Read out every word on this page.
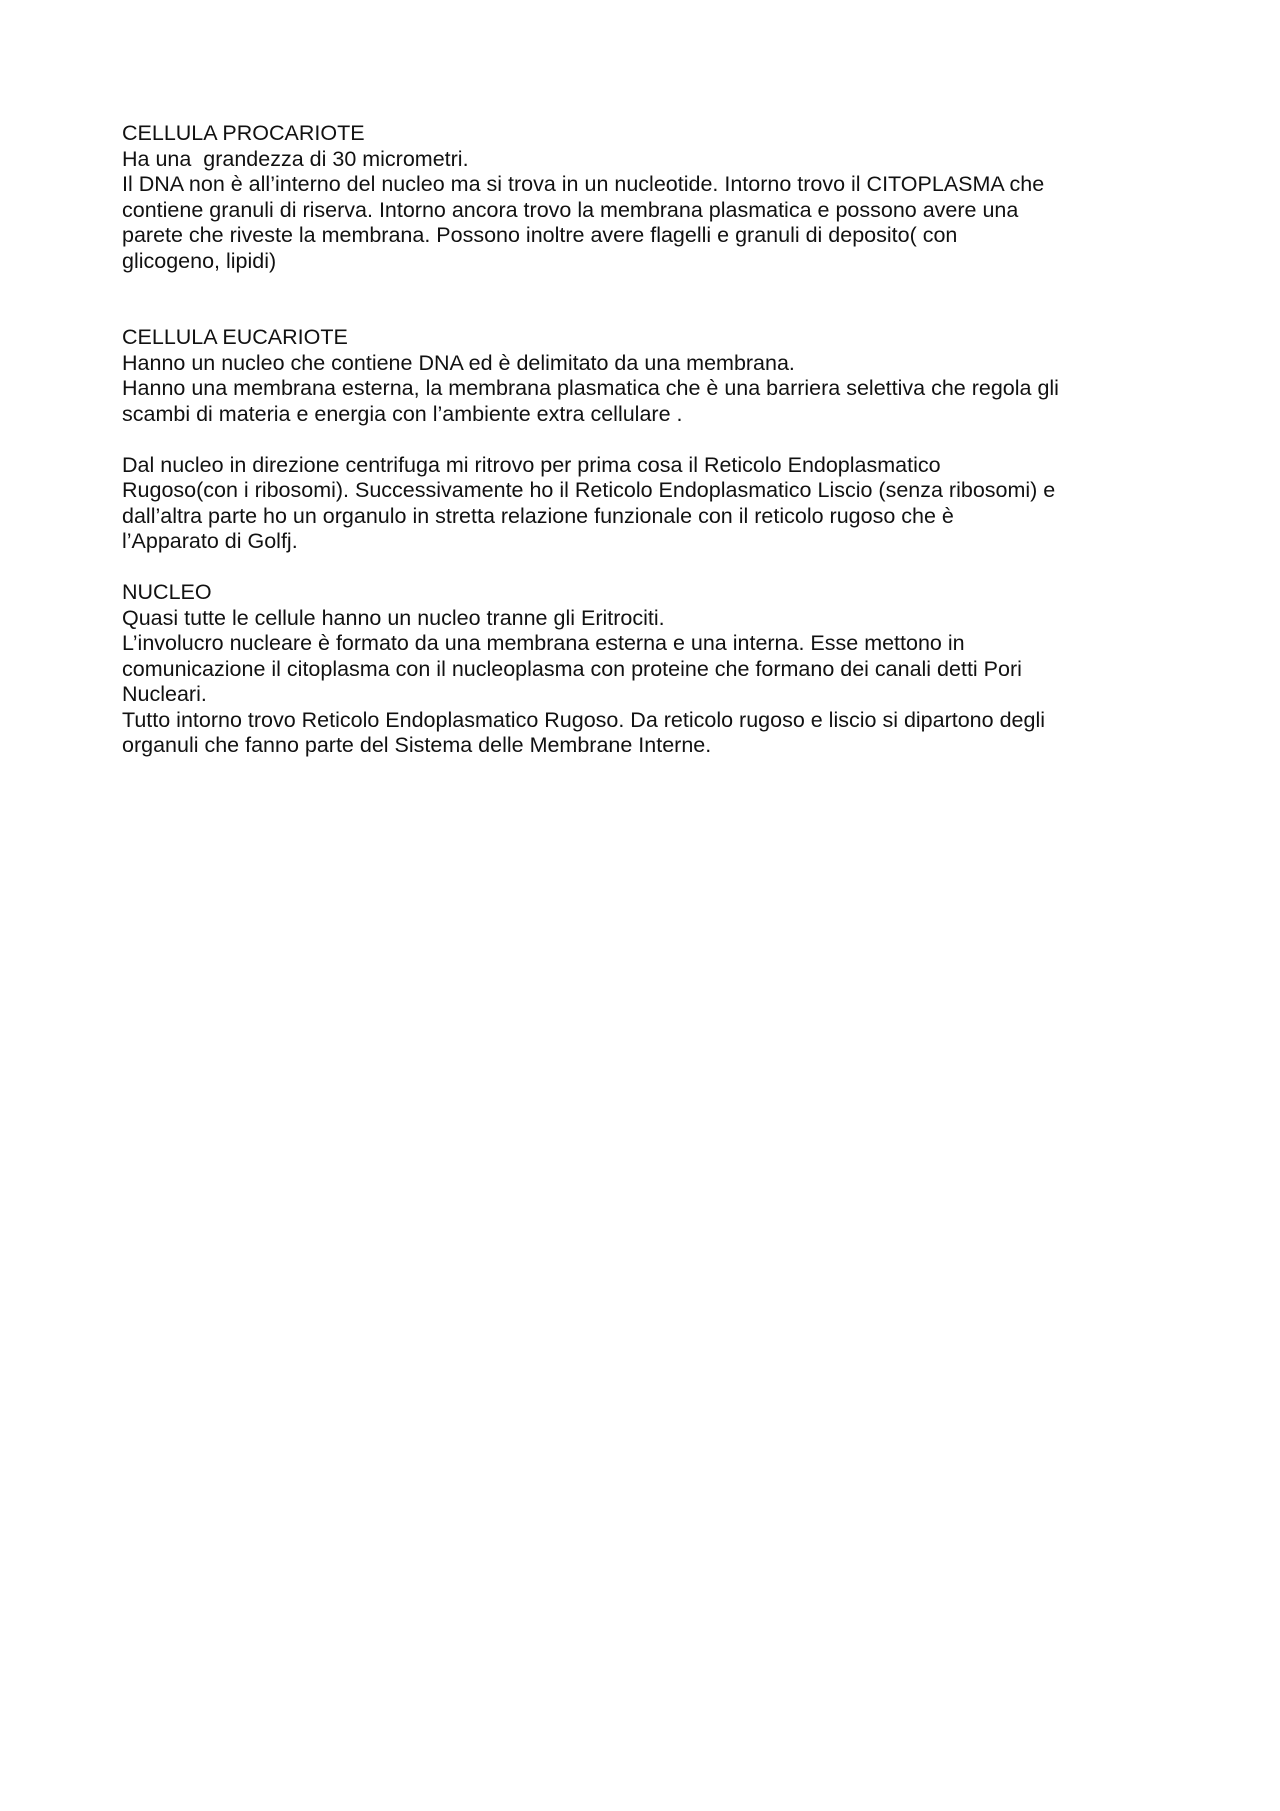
CELLULA PROCARIOTE
Ha una  grandezza di 30 micrometri.
Il DNA non è all’interno del nucleo ma si trova in un nucleotide. Intorno trovo il CITOPLASMA che
contiene granuli di riserva. Intorno ancora trovo la membrana plasmatica e possono avere una
parete che riveste la membrana. Possono inoltre avere flagelli e granuli di deposito( con
glicogeno, lipidi)
CELLULA EUCARIOTE
Hanno un nucleo che contiene DNA ed è delimitato da una membrana.
Hanno una membrana esterna, la membrana plasmatica che è una barriera selettiva che regola gli
scambi di materia e energia con l’ambiente extra cellulare .
Dal nucleo in direzione centrifuga mi ritrovo per prima cosa il Reticolo Endoplasmatico
Rugoso(con i ribosomi). Successivamente ho il Reticolo Endoplasmatico Liscio (senza ribosomi) e
dall’altra parte ho un organulo in stretta relazione funzionale con il reticolo rugoso che è
l’Apparato di Golfj.
NUCLEO
Quasi tutte le cellule hanno un nucleo tranne gli Eritrociti.
L’involucro nucleare è formato da una membrana esterna e una interna. Esse mettono in
comunicazione il citoplasma con il nucleoplasma con proteine che formano dei canali detti Pori
Nucleari.
Tutto intorno trovo Reticolo Endoplasmatico Rugoso. Da reticolo rugoso e liscio si dipartono degli
organuli che fanno parte del Sistema delle Membrane Interne.
